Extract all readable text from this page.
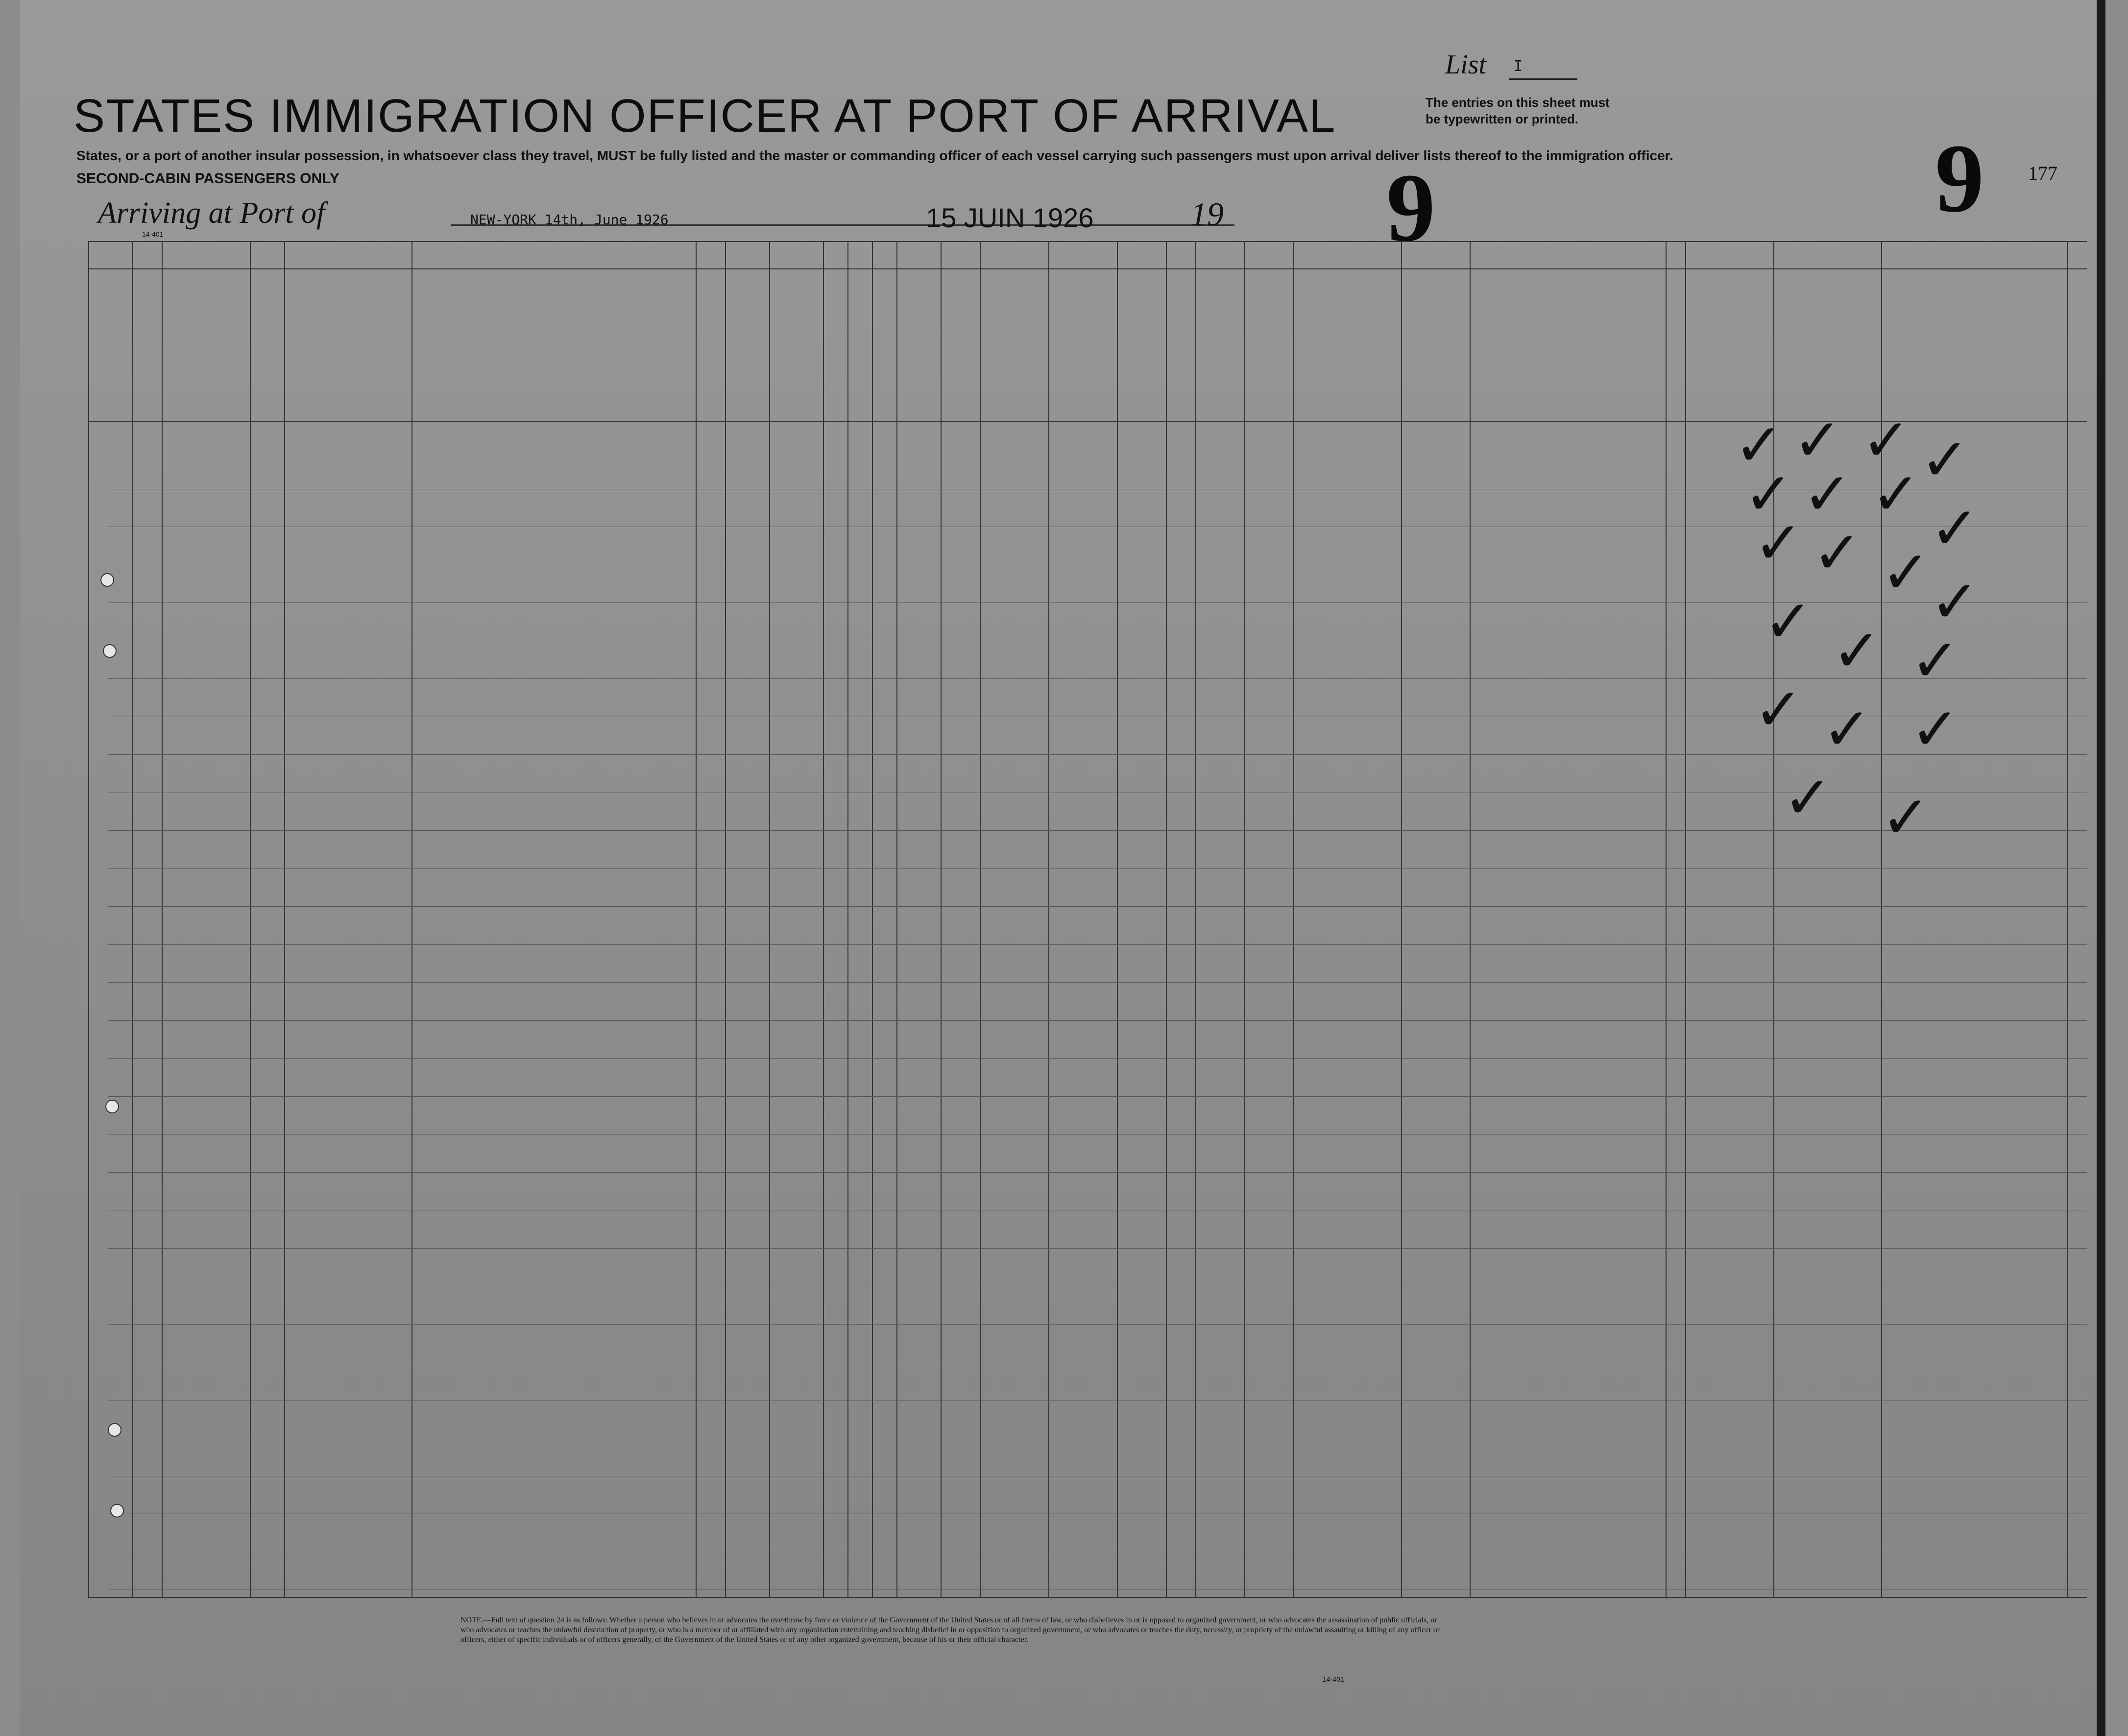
List I
The entries on this sheet must
be typewritten or printed.
STATES IMMIGRATION OFFICER AT PORT OF ARRIVAL
States, or a port of another insular possession, in whatsoever class they travel, MUST be fully listed and the master or commanding officer of each vessel carrying such passengers must upon arrival deliver lists thereof to the immigration officer.
SECOND-CABIN PASSENGERS ONLY
Arriving at Port of	NEW-YORK 14th, June 1926	15 JUIN 1926	19 9	9 177
14-401
✓ ✓ ✓ ✓
✓ ✓ ✓
✓
✓ ✓ ✓ ✓
✓ ✓ ✓
✓ ✓ ✓
✓ ✓
NOTE.—Full text of question 24 is as follows: Whether a person who believes in or advocates the overthrow by force or violence of the Government of the United States or of all forms of law, or who disbelieves in or is opposed to organized government, or who advocates the assassination of public officials, or who advocates or teaches the unlawful destruction of property, or who is a member of or affiliated with any organization entertaining and teaching disbelief in or opposition to organized government, or who advocates or teaches the duty, necessity, or propriety of the unlawful assaulting or killing of any officer or officers, either of specific individuals or of officers generally, of the Government of the United States or of any other organized government, because of his or their official character.
14-401
